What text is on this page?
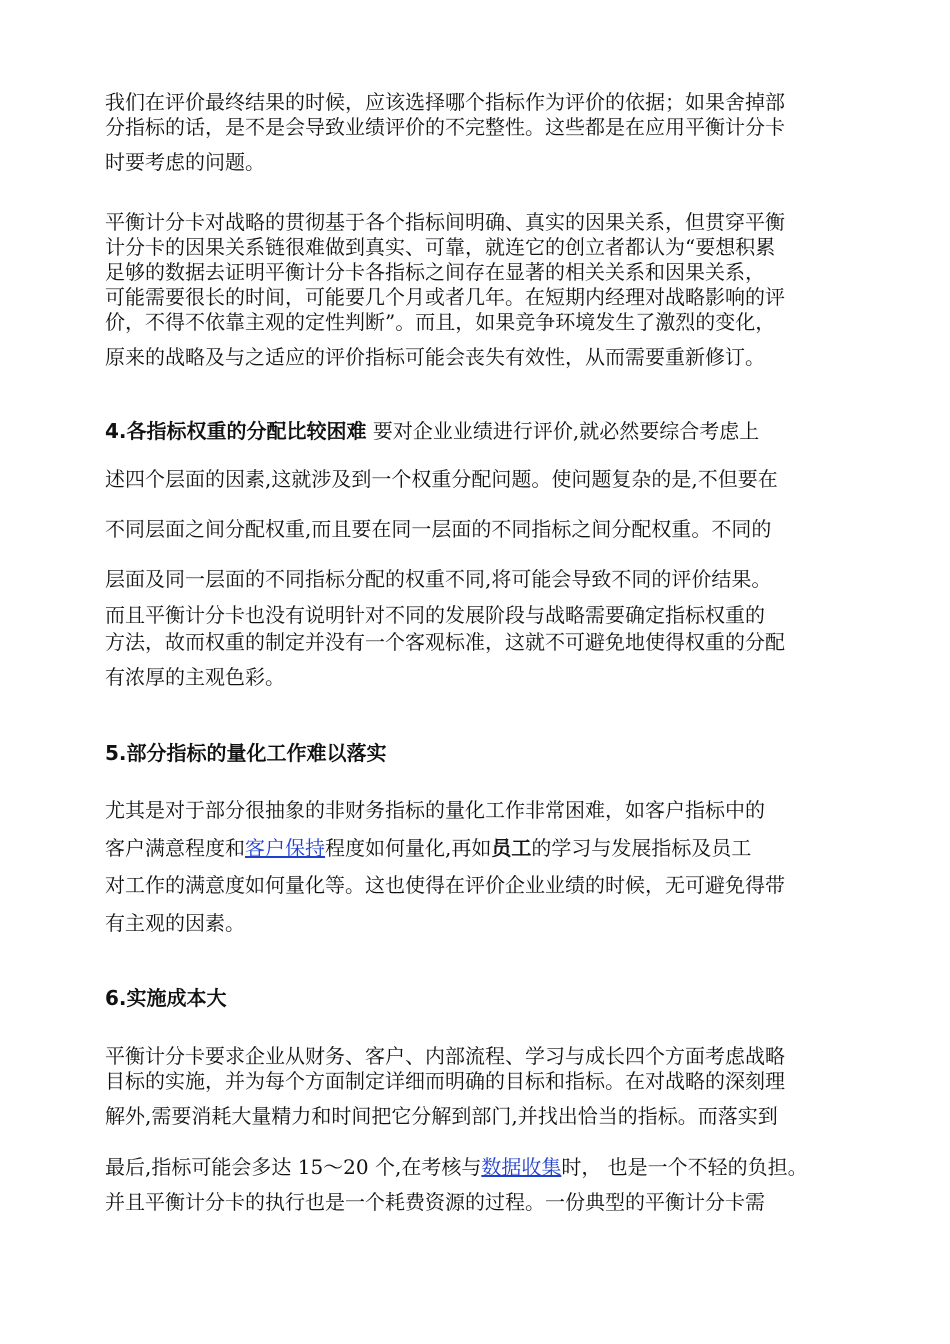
我们在评价最终结果的时候，应该选择哪个指标作为评价的依据；如果舍掉部
分指标的话，是不是会导致业绩评价的不完整性。这些都是在应用平衡计分卡
时要考虑的问题。
平衡计分卡对战略的贯彻基于各个指标间明确、真实的因果关系，但贯穿平衡
计分卡的因果关系链很难做到真实、可靠，就连它的创立者都认为“要想积累
足够的数据去证明平衡计分卡各指标之间存在显著的相关关系和因果关系，
可能需要很长的时间，可能要几个月或者几年。在短期内经理对战略影响的评
价，不得不依靠主观的定性判断”。而且，如果竞争环境发生了激烈的变化，
原来的战略及与之适应的评价指标可能会丧失有效性，从而需要重新修订。
4.各指标权重的分配比较困难 要对企业业绩进行评价,就必然要综合考虑上
述四个层面的因素,这就涉及到一个权重分配问题。使问题复杂的是,不但要在
不同层面之间分配权重,而且要在同一层面的不同指标之间分配权重。不同的
层面及同一层面的不同指标分配的权重不同,将可能会导致不同的评价结果。
而且平衡计分卡也没有说明针对不同的发展阶段与战略需要确定指标权重的
方法，故而权重的制定并没有一个客观标准，这就不可避免地使得权重的分配
有浓厚的主观色彩。
5.部分指标的量化工作难以落实
尤其是对于部分很抽象的非财务指标的量化工作非常困难，如客户指标中的
客户满意程度和客户保持程度如何量化,再如员工的学习与发展指标及员工
对工作的满意度如何量化等。这也使得在评价企业业绩的时候，无可避免得带
有主观的因素。
6.实施成本大
平衡计分卡要求企业从财务、客户、内部流程、学习与成长四个方面考虑战略
目标的实施，并为每个方面制定详细而明确的目标和指标。在对战略的深刻理
解外,需要消耗大量精力和时间把它分解到部门,并找出恰当的指标。而落实到
最后,指标可能会多达 15～20 个,在考核与数据收集时， 也是一个不轻的负担。
并且平衡计分卡的执行也是一个耗费资源的过程。一份典型的平衡计分卡需
